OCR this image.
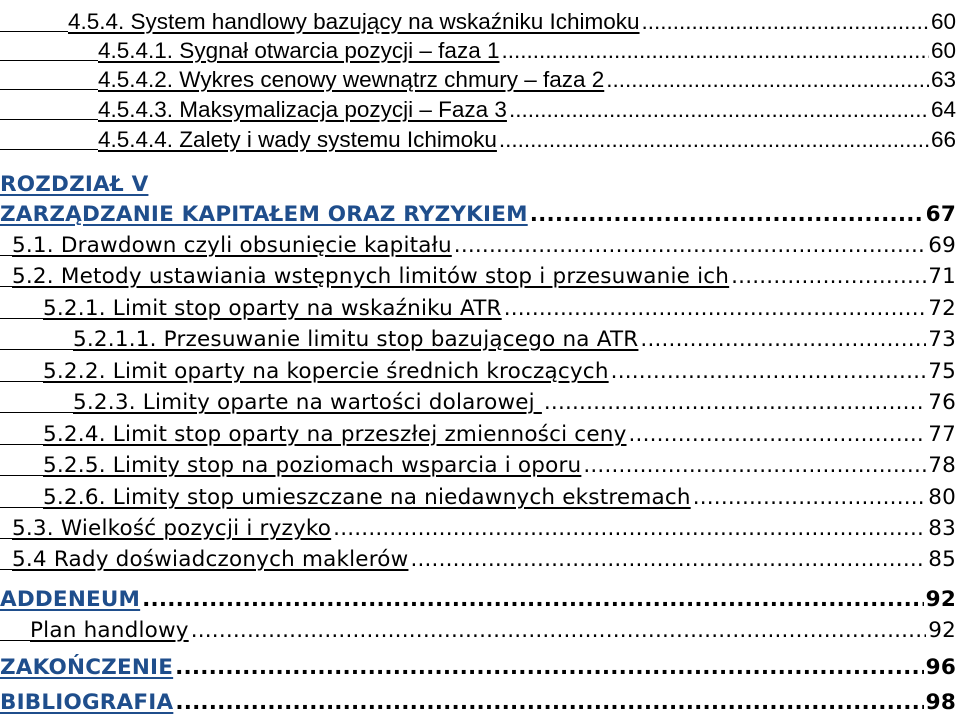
4.5.4. System handlowy bazujący na wskaźniku Ichimoku .....	60
4.5.4.1. Sygnał otwarcia pozycji – faza 1 .....	60
4.5.4.2. Wykres cenowy wewnątrz chmury – faza 2 .....	63
4.5.4.3. Maksymalizacja pozycji – Faza 3 .....	64
4.5.4.4. Zalety i wady systemu Ichimoku .....	66
ROZDZIAŁ V
ZARZĄDZANIE KAPITAŁEM ORAZ RYZYKIEM .....	67
5.1. Drawdown czyli obsunięcie kapitału .....	69
5.2. Metody ustawiania wstępnych limitów stop i przesuwanie ich .....	71
5.2.1. Limit stop oparty na wskaźniku ATR .....	72
5.2.1.1. Przesuwanie limitu stop bazującego na ATR .....	73
5.2.2. Limit oparty na kopercie średnich kroczących .....	75
5.2.3. Limity oparte na wartości dolarowej .....	76
5.2.4. Limit stop oparty na przeszłej zmienności ceny .....	77
5.2.5. Limity stop na poziomach wsparcia i oporu .....	78
5.2.6. Limity stop umieszczane na niedawnych ekstremach .....	80
5.3. Wielkość pozycji i ryzyko .....	83
5.4 Rady doświadczonych maklerów .....	85
ADDENEUM .....	92
Plan handlowy .....	92
ZAKOŃCZENIE .....	96
BIBLIOGRAFIA .....	98
